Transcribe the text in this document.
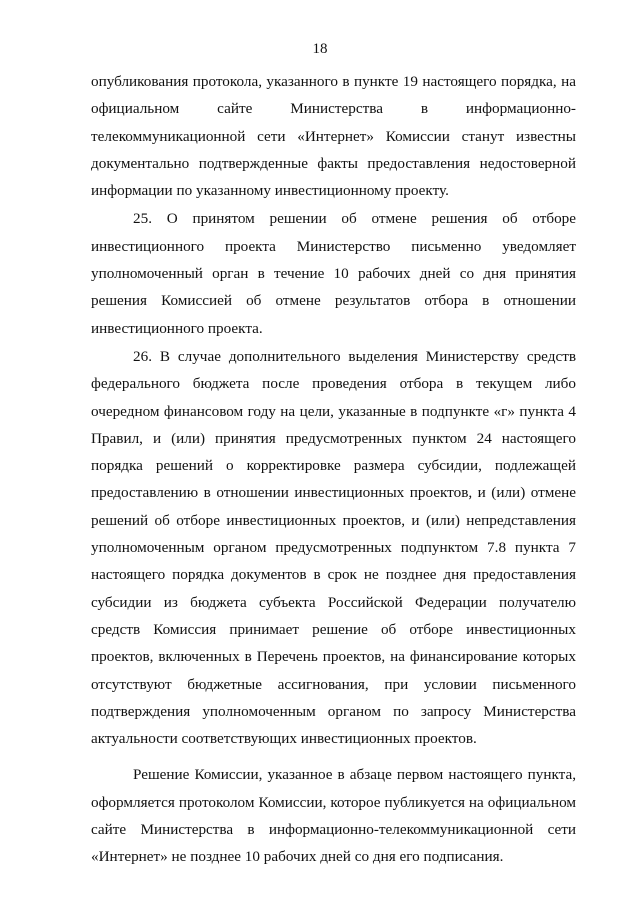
18

опубликования протокола, указанного в пункте 19 настоящего порядка, на официальном сайте Министерства в информационно-телекоммуникационной сети «Интернет» Комиссии станут известны документально подтвержденные факты предоставления недостоверной информации по указанному инвестиционному проекту.

25. О принятом решении об отмене решения об отборе инвестиционного проекта Министерство письменно уведомляет уполномоченный орган в течение 10 рабочих дней со дня принятия решения Комиссией об отмене результатов отбора в отношении инвестиционного проекта.

26. В случае дополнительного выделения Министерству средств федерального бюджета после проведения отбора в текущем либо очередном финансовом году на цели, указанные в подпункте «г» пункта 4 Правил, и (или) принятия предусмотренных пунктом 24 настоящего порядка решений о корректировке размера субсидии, подлежащей предоставлению в отношении инвестиционных проектов, и (или) отмене решений об отборе инвестиционных проектов, и (или) непредставления уполномоченным органом предусмотренных подпунктом 7.8 пункта 7 настоящего порядка документов в срок не позднее дня предоставления субсидии из бюджета субъекта Российской Федерации получателю средств Комиссия принимает решение об отборе инвестиционных проектов, включенных в Перечень проектов, на финансирование которых отсутствуют бюджетные ассигнования, при условии письменного подтверждения уполномоченным органом по запросу Министерства актуальности соответствующих инвестиционных проектов.

Решение Комиссии, указанное в абзаце первом настоящего пункта, оформляется протоколом Комиссии, которое публикуется на официальном сайте Министерства в информационно-телекоммуникационной сети «Интернет» не позднее 10 рабочих дней со дня его подписания.
